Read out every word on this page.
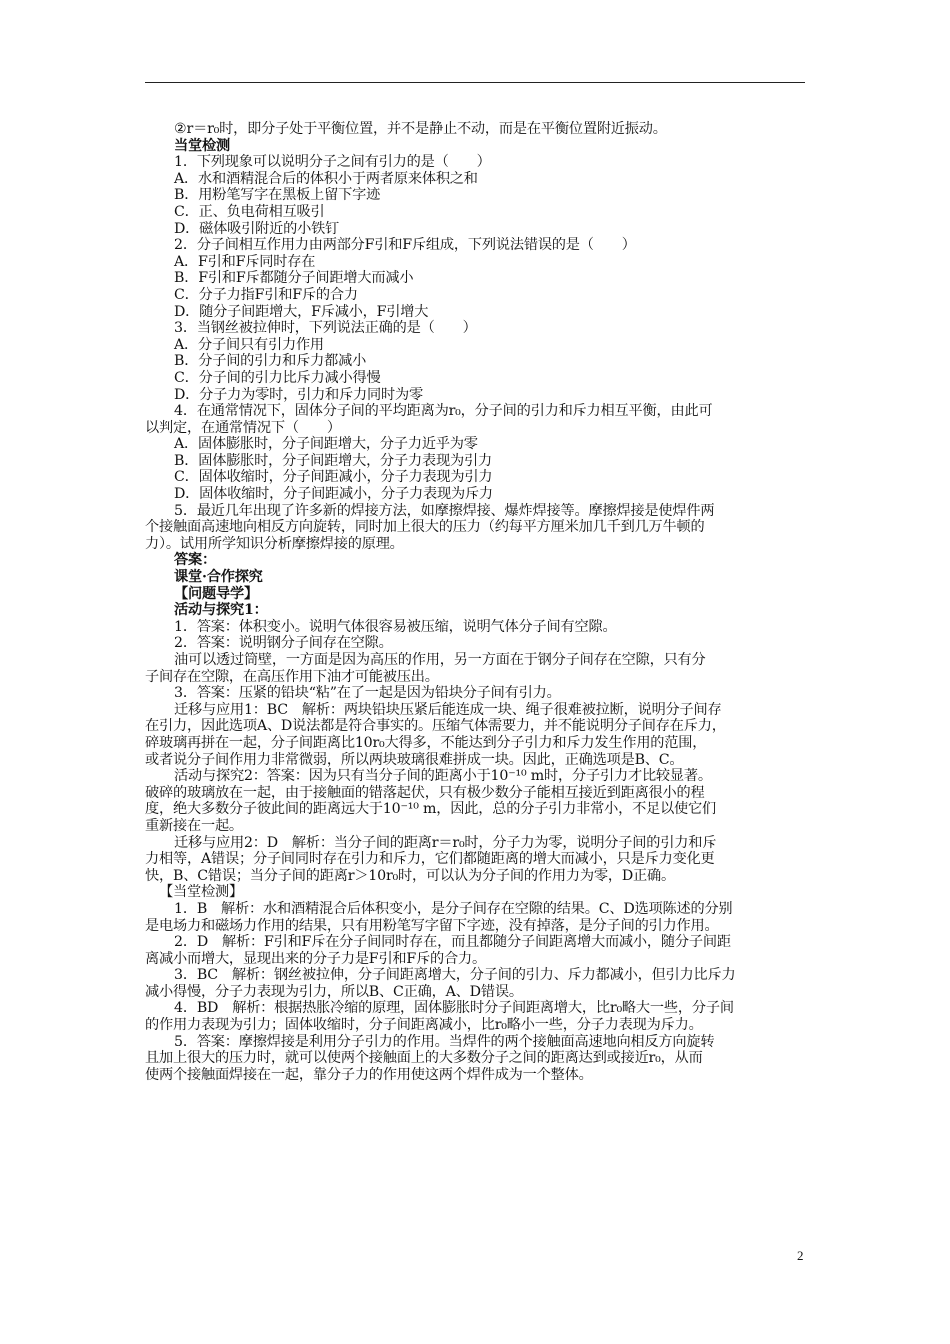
②r＝r₀时，即分子处于平衡位置，并不是静止不动，而是在平衡位置附近振动。
当堂检测
1．下列现象可以说明分子之间有引力的是（　　）
A．水和酒精混合后的体积小于两者原来体积之和
B．用粉笔写字在黑板上留下字迹
C．正、负电荷相互吸引
D．磁体吸引附近的小铁钉
2．分子间相互作用力由两部分F引和F斥组成，下列说法错误的是（　　）
A．F引和F斥同时存在
B．F引和F斥都随分子间距增大而减小
C．分子力指F引和F斥的合力
D．随分子间距增大，F斥减小，F引增大
3．当钢丝被拉伸时，下列说法正确的是（　　）
A．分子间只有引力作用
B．分子间的引力和斥力都减小
C．分子间的引力比斥力减小得慢
D．分子力为零时，引力和斥力同时为零
4．在通常情况下，固体分子间的平均距离为r₀，分子间的引力和斥力相互平衡，由此可
以判定，在通常情况下（　　）
A．固体膨胀时，分子间距增大，分子力近乎为零
B．固体膨胀时，分子间距增大，分子力表现为引力
C．固体收缩时，分子间距减小，分子力表现为引力
D．固体收缩时，分子间距减小，分子力表现为斥力
5．最近几年出现了许多新的焊接方法，如摩擦焊接、爆炸焊接等。摩擦焊接是使焊件两
个接触面高速地向相反方向旋转，同时加上很大的压力（约每平方厘米加几千到几万牛顿的
力）。试用所学知识分析摩擦焊接的原理。
答案：
课堂·合作探究
【问题导学】
活动与探究1：
1．答案：体积变小。说明气体很容易被压缩，说明气体分子间有空隙。
2．答案：说明钢分子间存在空隙。
油可以透过筒壁，一方面是因为高压的作用，另一方面在于钢分子间存在空隙，只有分
子间存在空隙，在高压作用下油才可能被压出。
3．答案：压紧的铅块“粘”在了一起是因为铅块分子间有引力。
迁移与应用1：BC　解析：两块铅块压紧后能连成一块、绳子很难被拉断，说明分子间存
在引力，因此选项A、D说法都是符合事实的。压缩气体需要力，并不能说明分子间存在斥力，
碎玻璃再拼在一起，分子间距离比10r₀大得多，不能达到分子引力和斥力发生作用的范围，
或者说分子间作用力非常微弱，所以两块玻璃很难拼成一块。因此，正确选项是B、C。
活动与探究2：答案：因为只有当分子间的距离小于10⁻¹⁰ m时，分子引力才比较显著。
破碎的玻璃放在一起，由于接触面的错落起伏，只有极少数分子能相互接近到距离很小的程
度，绝大多数分子彼此间的距离远大于10⁻¹⁰ m，因此，总的分子引力非常小，不足以使它们
重新接在一起。
迁移与应用2：D　解析：当分子间的距离r＝r₀时，分子力为零，说明分子间的引力和斥
力相等，A错误；分子间同时存在引力和斥力，它们都随距离的增大而减小，只是斥力变化更
快，B、C错误；当分子间的距离r＞10r₀时，可以认为分子间的作用力为零，D正确。
【当堂检测】
1．B　解析：水和酒精混合后体积变小，是分子间存在空隙的结果。C、D选项陈述的分别
是电场力和磁场力作用的结果，只有用粉笔写字留下字迹，没有掉落，是分子间的引力作用。
2．D　解析：F引和F斥在分子间同时存在，而且都随分子间距离增大而减小，随分子间距
离减小而增大，显现出来的分子力是F引和F斥的合力。
3．BC　解析：钢丝被拉伸，分子间距离增大，分子间的引力、斥力都减小，但引力比斥力
减小得慢，分子力表现为引力，所以B、C正确，A、D错误。
4．BD　解析：根据热胀冷缩的原理，固体膨胀时分子间距离增大，比r₀略大一些，分子间
的作用力表现为引力；固体收缩时，分子间距离减小，比r₀略小一些，分子力表现为斥力。
5．答案：摩擦焊接是利用分子引力的作用。当焊件的两个接触面高速地向相反方向旋转
且加上很大的压力时，就可以使两个接触面上的大多数分子之间的距离达到或接近r₀，从而
使两个接触面焊接在一起，靠分子力的作用使这两个焊件成为一个整体。
2
